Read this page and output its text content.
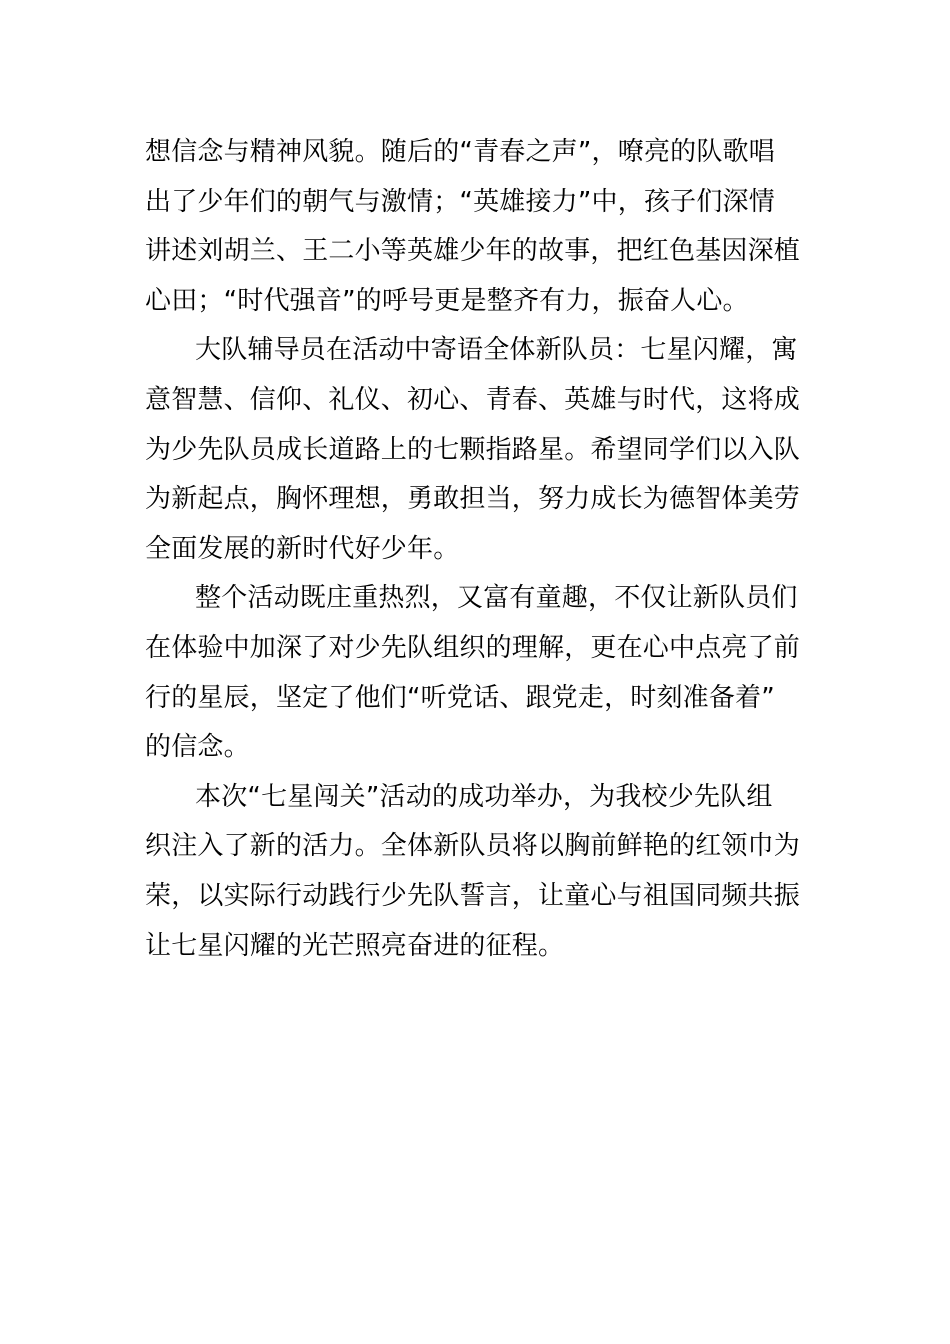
想信念与精神风貌。随后的“青春之声”，嘹亮的队歌唱
出了少年们的朝气与激情；“英雄接力”中，孩子们深情
讲述刘胡兰、王二小等英雄少年的故事，把红色基因深植
心田；“时代强音”的呼号更是整齐有力，振奋人心。
大队辅导员在活动中寄语全体新队员：七星闪耀，寓
意智慧、信仰、礼仪、初心、青春、英雄与时代，这将成
为少先队员成长道路上的七颗指路星。希望同学们以入队
为新起点，胸怀理想，勇敢担当，努力成长为德智体美劳
全面发展的新时代好少年。
整个活动既庄重热烈，又富有童趣，不仅让新队员们
在体验中加深了对少先队组织的理解，更在心中点亮了前
行的星辰，坚定了他们“听党话、跟党走，时刻准备着”
的信念。
本次“七星闯关”活动的成功举办，为我校少先队组
织注入了新的活力。全体新队员将以胸前鲜艳的红领巾为
荣，以实际行动践行少先队誓言，让童心与祖国同频共振
让七星闪耀的光芒照亮奋进的征程。
